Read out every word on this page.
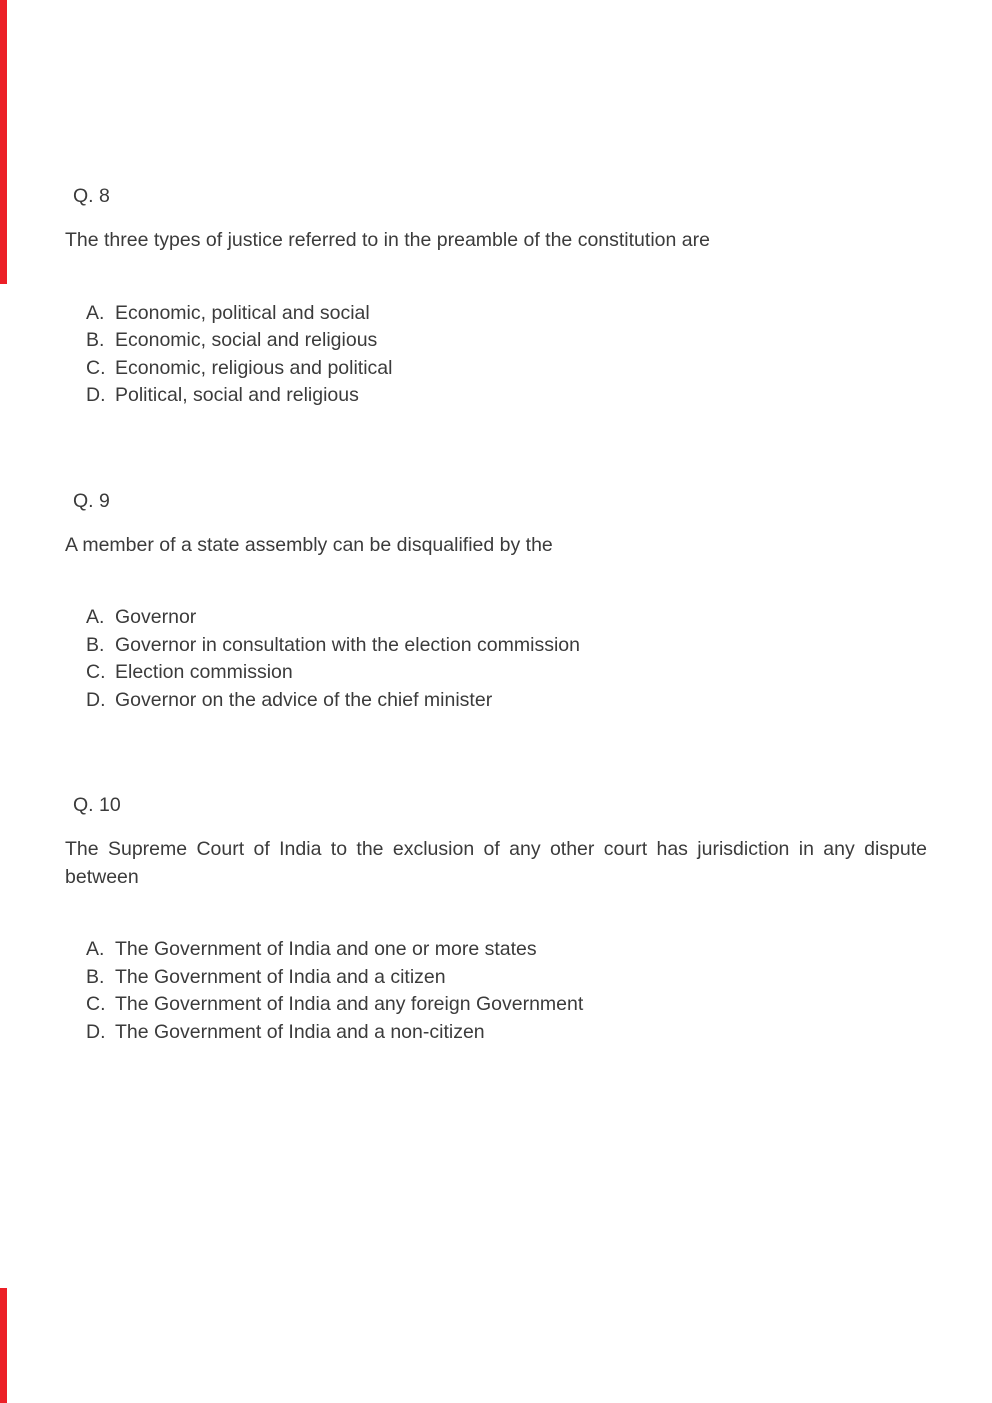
Q. 8
The three types of justice referred to in the preamble of the constitution are
A. Economic, political and social
B. Economic, social and religious
C. Economic, religious and political
D. Political, social and religious
Q. 9
A member of a state assembly can be disqualified by the
A. Governor
B. Governor in consultation with the election commission
C. Election commission
D. Governor on the advice of the chief minister
Q. 10
The Supreme Court of India to the exclusion of any other court has jurisdiction in any dispute between
A. The Government of India and one or more states
B. The Government of India and a citizen
C. The Government of India and any foreign Government
D. The Government of India and a non-citizen
